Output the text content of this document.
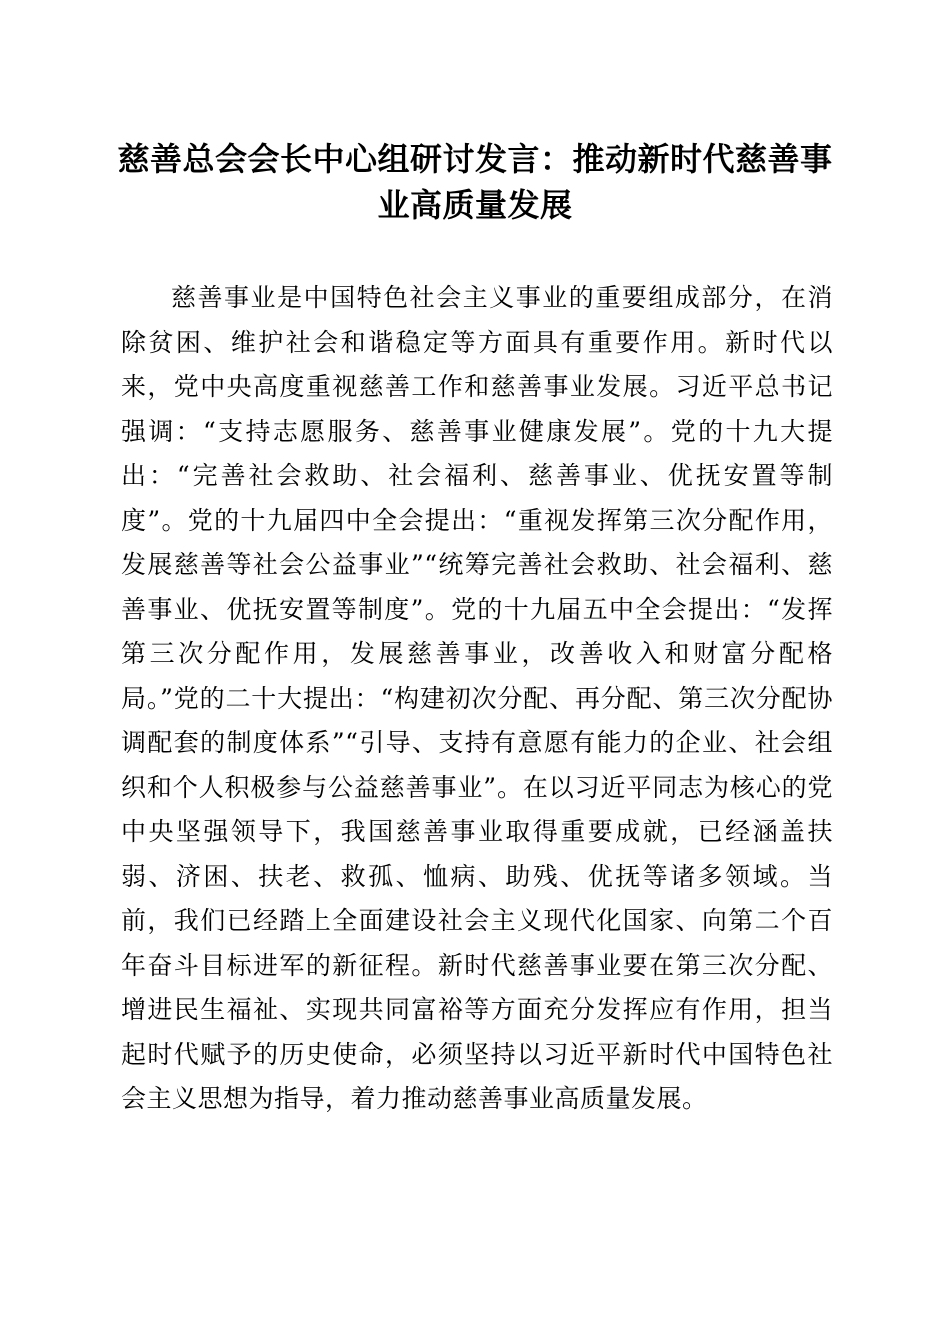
慈善总会会长中心组研讨发言：推动新时代慈善事业高质量发展

慈善事业是中国特色社会主义事业的重要组成部分，在消除贫困、维护社会和谐稳定等方面具有重要作用。新时代以来，党中央高度重视慈善工作和慈善事业发展。习近平总书记强调：“支持志愿服务、慈善事业健康发展”。党的十九大提出：“完善社会救助、社会福利、慈善事业、优抚安置等制度”。党的十九届四中全会提出：“重视发挥第三次分配作用，发展慈善等社会公益事业”“统筹完善社会救助、社会福利、慈善事业、优抚安置等制度”。党的十九届五中全会提出：“发挥第三次分配作用，发展慈善事业，改善收入和财富分配格局。”党的二十大提出：“构建初次分配、再分配、第三次分配协调配套的制度体系”“引导、支持有意愿有能力的企业、社会组织和个人积极参与公益慈善事业”。在以习近平同志为核心的党中央坚强领导下，我国慈善事业取得重要成就，已经涵盖扶弱、济困、扶老、救孤、恤病、助残、优抚等诸多领域。当前，我们已经踏上全面建设社会主义现代化国家、向第二个百年奋斗目标进军的新征程。新时代慈善事业要在第三次分配、增进民生福祉、实现共同富裕等方面充分发挥应有作用，担当起时代赋予的历史使命，必须坚持以习近平新时代中国特色社会主义思想为指导，着力推动慈善事业高质量发展。
